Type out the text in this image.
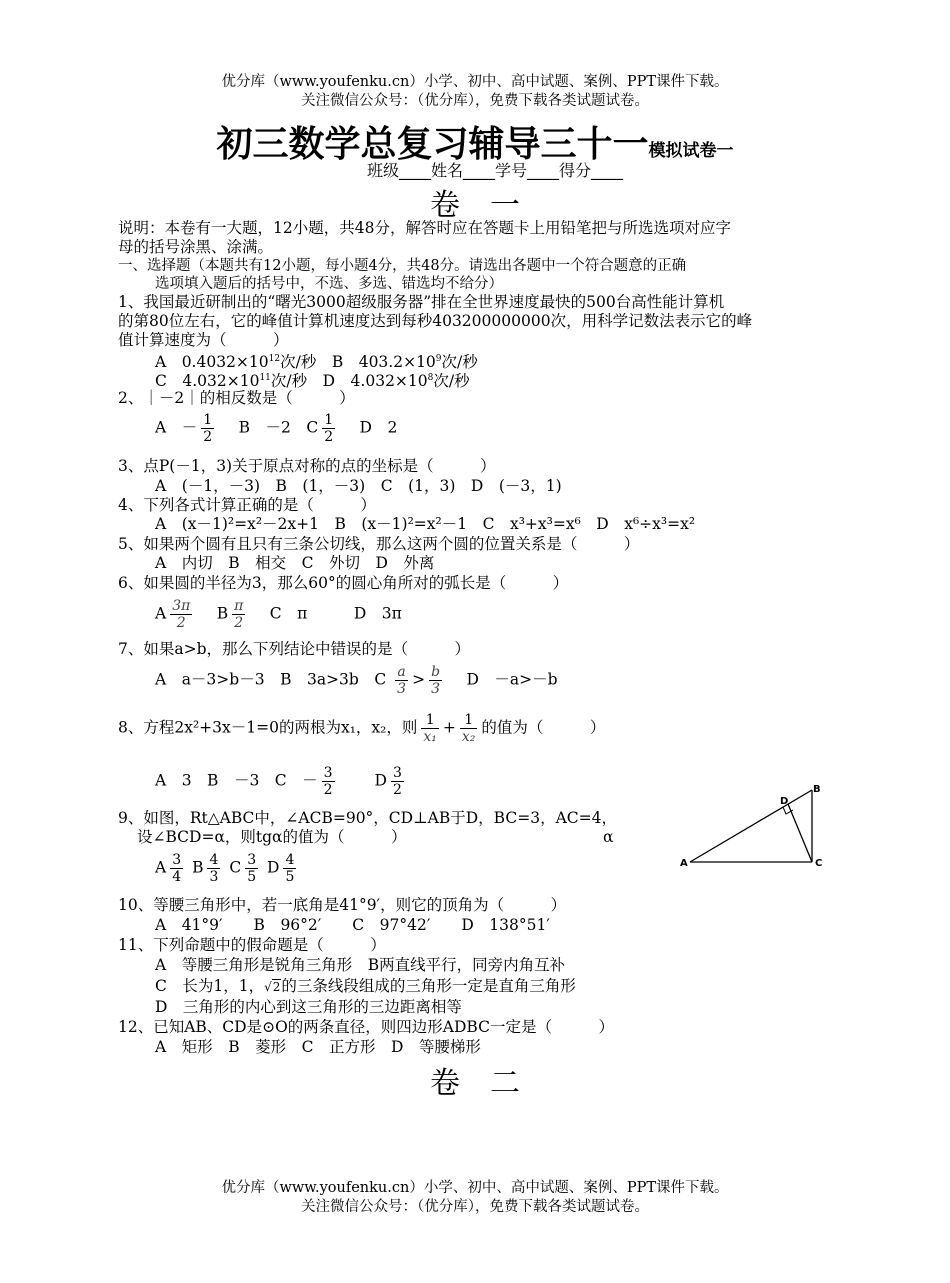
优分库（www.youfenku.cn）小学、初中、高中试题、案例、PPT课件下载。
关注微信公众号：（优分库），免费下载各类试题试卷。
初三数学总复习辅导三十一模拟试卷一
班级____姓名____学号____得分____
卷　一
说明：本卷有一大题，12小题，共48分，解答时应在答题卡上用铅笔把与所选选项对应字
母的括号涂黑、涂满。
一、选择题（本题共有12小题，每小题4分，共48分。请选出各题中一个符合题意的正确
选项填入题后的括号中，不选、多选、错选均不给分）
1、我国最近研制出的“曙光3000超级服务器”排在全世界速度最快的500台高性能计算机
的第80位左右，它的峰值计算机速度达到每秒403200000000次，用科学记数法表示它的峰
值计算速度为（　　　）
A　$0.4032\times 10^{12}$次/秒　B　$403.2\times 10^9$次/秒
C　$4.032\times 10^{11}$次/秒　D　$4.032\times 10^8$次/秒
2、｜－2｜的相反数是（　　　）
A　－ $\frac{1}{2}$
　 B　－2　C $\frac{1}{2}$
　 D　2
3、点P(－1，3)关于原点对称的点的坐标是（　　　）
A　(－1，－3)　B　(1，－3)　C　(1，3)　D　(－3，1)
4、下列各式计算正确的是（　　　）
A　(x－1)²=x²－2x+1　B　(x－1)²=x²－1　C　x³+x³=x⁶　D　x⁶÷x³=x²
5、如果两个圆有且只有三条公切线，那么这两个圆的位置关系是（　　　）
A　内切　B　相交　C　外切　D　外离
6、如果圆的半径为3，那么60°的圆心角所对的弧长是（　　　）
A $\frac{3\pi}{2}$
　 B $\frac{\pi}{2}$
　 C　π　　　	D　3π
7、如果a>b，那么下列结论中错误的是（　　　）
A　a－3>b－3　B　3a>3b　C $\frac{a}{3} > \frac{b}{3}$
　 D　－a>－b
8、方程2x²+3x－1=0的两根为x₁，x₂，则 $\frac{1}{\text{x₁}} + \frac{1}{\text{x₂}}$ 的值为（　　　）
A　3　B　－3　C　－ $\frac{3}{2}$
　　	D $\frac{3}{2}$
9、如图，Rt△ABC中，∠ACB=90°，CD⊥AB于D，BC=3，AC=4，
设∠BCD=α，则tgα的值为（　　　）	α
A $\frac{3}{4}$ B $\frac{4}{3}$ C $\frac{3}{5}$ D $\frac{4}{5}$	A
B
C
D
10、等腰三角形中，若一底角是41°9′，则它的顶角为（　　　）
A　41°9′　　B　96°2′　　C　97°42′　　D　138°51′
11、下列命题中的假命题是（　　　）
A　等腰三角形是锐角三角形　B两直线平行，同旁内角互补
C　长为1，1，√2的三条线段组成的三角形一定是直角三角形
D　三角形的内心到这三角形的三边距离相等
12、已知AB、CD是⊙O的两条直径，则四边形ADBC一定是（　　　）
A　矩形　B　菱形　C　正方形　D　等腰梯形
卷　二
优分库（www.youfenku.cn）小学、初中、高中试题、案例、PPT课件下载。
关注微信公众号：（优分库），免费下载各类试题试卷。
